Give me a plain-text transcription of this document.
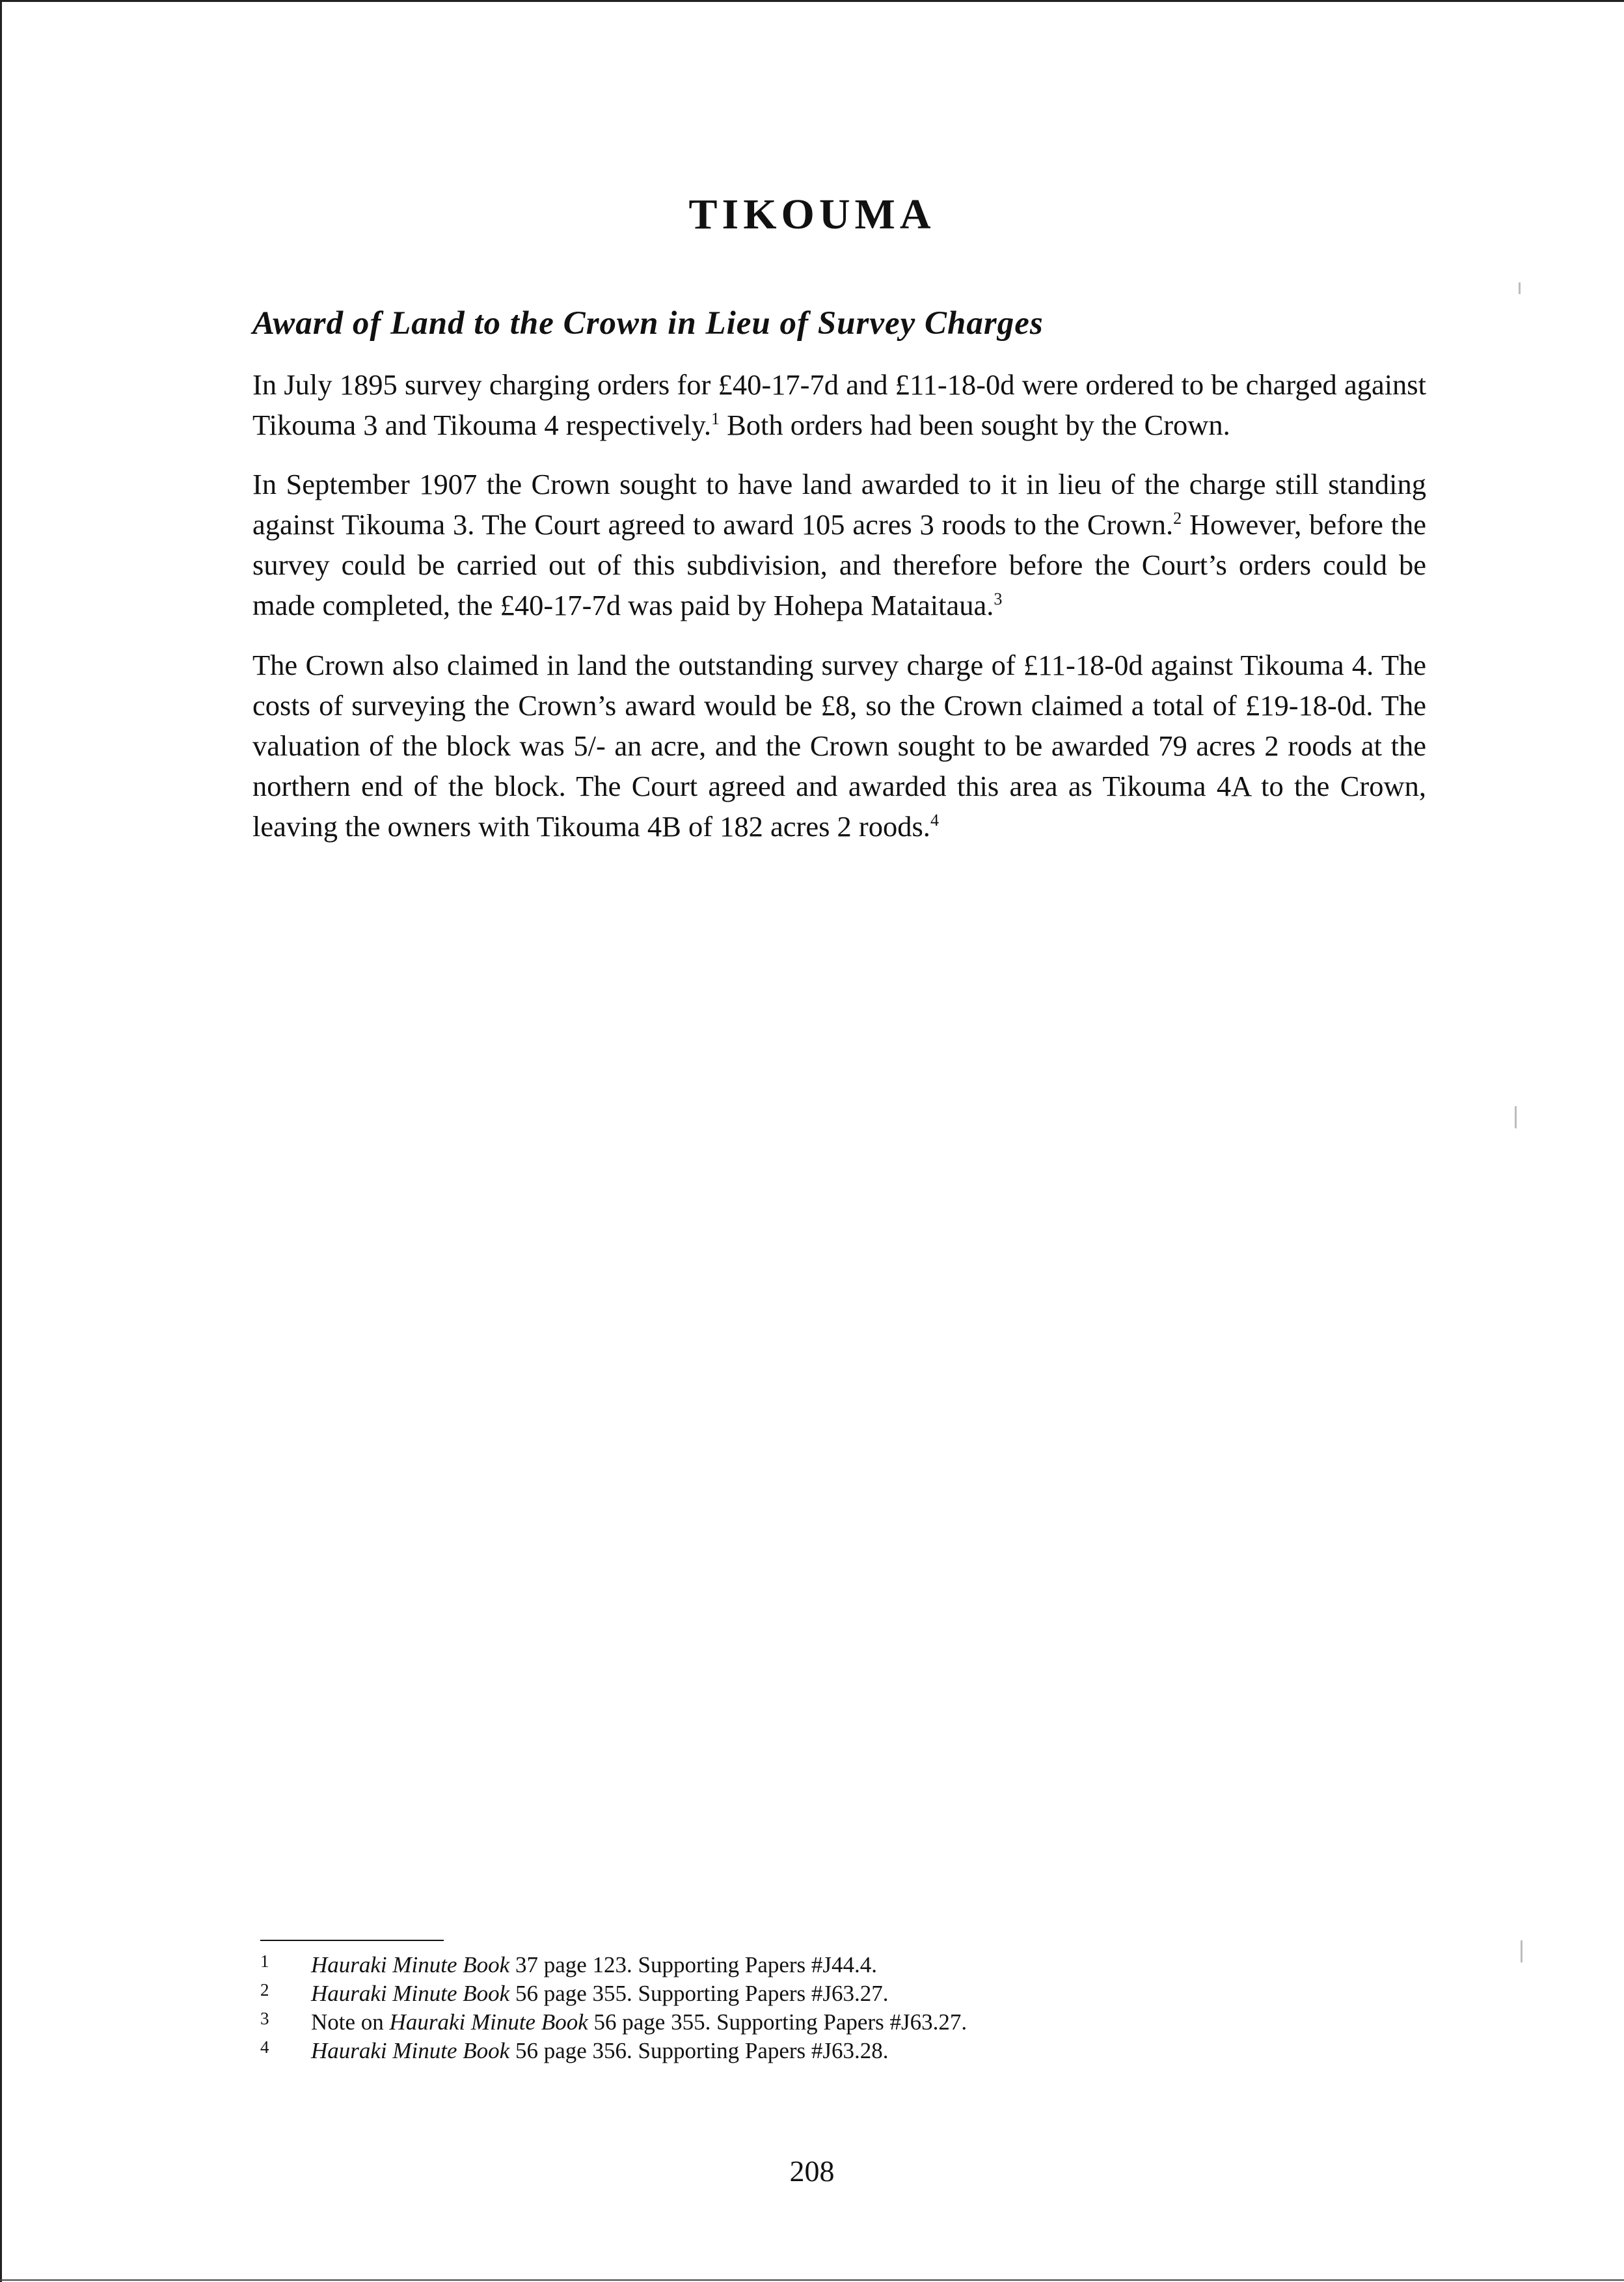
TIKOUMA
Award of Land to the Crown in Lieu of Survey Charges

In July 1895 survey charging orders for £40-17-7d and £11-18-0d were ordered to be charged against Tikouma 3 and Tikouma 4 respectively.$^1$ Both orders had been sought by the Crown.

In September 1907 the Crown sought to have land awarded to it in lieu of the charge still standing against Tikouma 3. The Court agreed to award 105 acres 3 roods to the Crown.$^2$ However, before the survey could be carried out of this subdivision, and therefore before the Court’s orders could be made completed, the £40-17-7d was paid by Hohepa Mataitaua.$^3$

The Crown also claimed in land the outstanding survey charge of £11-18-0d against Tikouma 4. The costs of surveying the Crown’s award would be £8, so the Crown claimed a total of £19-18-0d. The valuation of the block was 5/- an acre, and the Crown sought to be awarded 79 acres 2 roods at the northern end of the block. The Court agreed and awarded this area as Tikouma 4A to the Crown, leaving the owners with Tikouma 4B of 182 acres 2 roods.$^4$

1 Hauraki Minute Book 37 page 123. Supporting Papers #J44.4.
2 Hauraki Minute Book 56 page 355. Supporting Papers #J63.27.
3 Note on Hauraki Minute Book 56 page 355. Supporting Papers #J63.27.
4 Hauraki Minute Book 56 page 356. Supporting Papers #J63.28.

208
